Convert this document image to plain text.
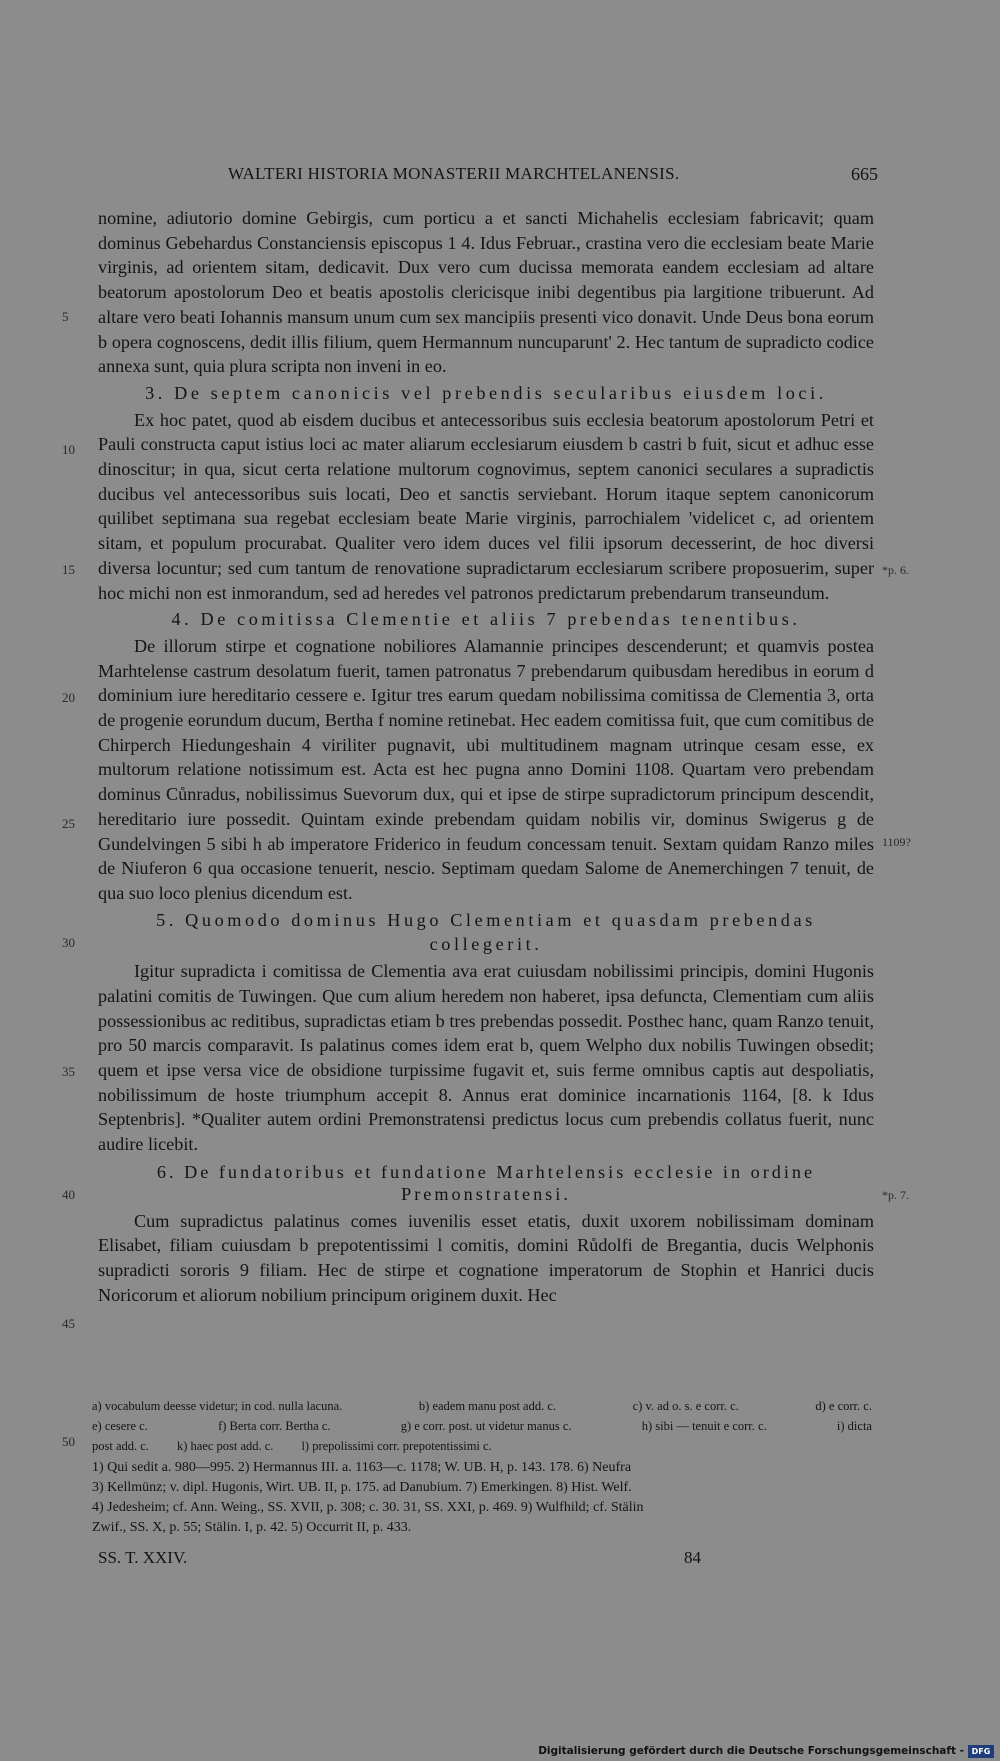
WALTERI HISTORIA MONASTERII MARCHTELANENSIS.	665

nomine, adiutorio domine Gebirgis, cum porticu a et sancti Michahelis ecclesiam fabricavit; quam dominus Gebehardus Constanciensis episcopus 1 4. Idus Februar., crastina vero die ecclesiam beate Marie virginis, ad orientem sitam, dedicavit. Dux vero cum ducissa memorata eandem ecclesiam ad altare beatorum apostolorum Deo et beatis apostolis clericisque inibi degentibus pia largitione tribuerunt. Ad altare vero beati Iohannis mansum unum cum sex mancipiis presenti vico donavit. Unde Deus bona eorum b opera cognoscens, dedit illis filium, quem Hermannum nuncuparunt' 2. Hec tantum de supradicto codice annexa sunt, quia plura scripta non inveni in eo.

3. De septem canonicis vel prebendis secularibus eiusdem loci.

Ex hoc patet, quod ab eisdem ducibus et antecessoribus suis ecclesia beatorum apostolorum Petri et Pauli constructa caput istius loci ac mater aliarum ecclesiarum eiusdem b castri b fuit, sicut et adhuc esse dinoscitur; in qua, sicut certa relatione multorum cognovimus, septem canonici seculares a supradictis ducibus vel antecessoribus suis locati, Deo et sanctis serviebant. Horum itaque septem canonicorum quilibet septimana sua regebat ecclesiam beate Marie virginis, parrochialem 'videlicet c, ad orientem sitam, et populum procurabat. Qualiter vero idem duces vel filii ipsorum decesserint, de hoc diversi diversa locuntur; sed cum tantum de renovatione supradictarum ecclesiarum scribere proposuerim, super hoc michi non est inmorandum, sed ad heredes vel patronos predictarum prebendarum transeundum.

4. De comitissa Clementie et aliis 7 prebendas tenentibus.

De illorum stirpe et cognatione nobiliores Alamannie principes descenderunt; et quamvis postea Marhtelense castrum desolatum fuerit, tamen patronatus 7 prebendarum quibusdam heredibus in eorum d dominium iure hereditario cessere e. Igitur tres earum quedam nobilissima comitissa de Clementia 3, orta de progenie eorundum ducum, Bertha f nomine retinebat. Hec eadem comitissa fuit, que cum comitibus de Chirperch Hiedungeshain 4 viriliter pugnavit, ubi multitudinem magnam utrinque cesam esse, ex multorum relatione notissimum est. Acta est hec pugna anno Domini 1108. Quartam vero prebendam dominus Cůnradus, nobilissimus Suevorum dux, qui et ipse de stirpe supradictorum principum descendit, hereditario iure possedit. Quintam exinde prebendam quidam nobilis vir, dominus Swigerus g de Gundelvingen 5 sibi h ab imperatore Friderico in feudum concessam tenuit. Sextam quidam Ranzo miles de Niuferon 6 qua occasione tenuerit, nescio. Septimam quedam Salome de Anemerchingen 7 tenuit, de qua suo loco plenius dicendum est.

5. Quomodo dominus Hugo Clementiam et quasdam prebendas collegerit.

Igitur supradicta i comitissa de Clementia ava erat cuiusdam nobilissimi principis, domini Hugonis palatini comitis de Tuwingen. Que cum alium heredem non haberet, ipsa defuncta, Clementiam cum aliis possessionibus ac reditibus, supradictas etiam b tres prebendas possedit. Posthec hanc, quam Ranzo tenuit, pro 50 marcis comparavit. Is palatinus comes idem erat b, quem Welpho dux nobilis Tuwingen obsedit; quem et ipse versa vice de obsidione turpissime fugavit et, suis ferme omnibus captis aut despoliatis, nobilissimum de hoste triumphum accepit 8. Annus erat dominice incarnationis 1164, [8. k Idus Septenbris]. *Qualiter autem ordini Premonstratensi predictus locus cum prebendis collatus fuerit, nunc audire licebit.

6. De fundatoribus et fundatione Marhtelensis ecclesie in ordine
Premonstratensi.

Cum supradictus palatinus comes iuvenilis esset etatis, duxit uxorem nobilissimam dominam Elisabet, filiam cuiusdam b prepotentissimi l comitis, domini Růdolfi de Bregantia, ducis Welphonis supradicti sororis 9 filiam. Hec de stirpe et cognatione imperatorum de Stophin et Hanrici ducis Noricorum et aliorum nobilium principum originem duxit. Hec

5
10
15
20
25
30
35
40
45
50
*p. 6.
1109?
*p. 7.
a) vocabulum deesse videtur; in cod. nulla lacuna.	b) eadem manu post add. c.	c) v. ad o. s. e corr. c.	d) e corr. c.
e) cesere c.	f) Berta corr. Bertha c.	g) e corr. post. ut videtur manus c.	h) sibi — tenuit e corr. c.	i) dicta
post add. c. k) haec post add. c. l) prepolissimi corr. prepotentissimi c.
1) Qui sedit a. 980—995. 2) Hermannus III. a. 1163—c. 1178; W. UB. H, p. 143. 178. 6) Neufra
3) Kellmünz; v. dipl. Hugonis, Wirt. UB. II, p. 175. ad Danubium. 7) Emerkingen. 8) Hist. Welf.
4) Jedesheim; cf. Ann. Weing., SS. XVII, p. 308; c. 30. 31, SS. XXI, p. 469. 9) Wulfhild; cf. Stälin
Zwif., SS. X, p. 55; Stälin. I, p. 42. 5) Occurrit II, p. 433.
SS. T. XXIV.	84
Digitalisierung gefördert durch die Deutsche Forschungsgemeinschaft - DFG
